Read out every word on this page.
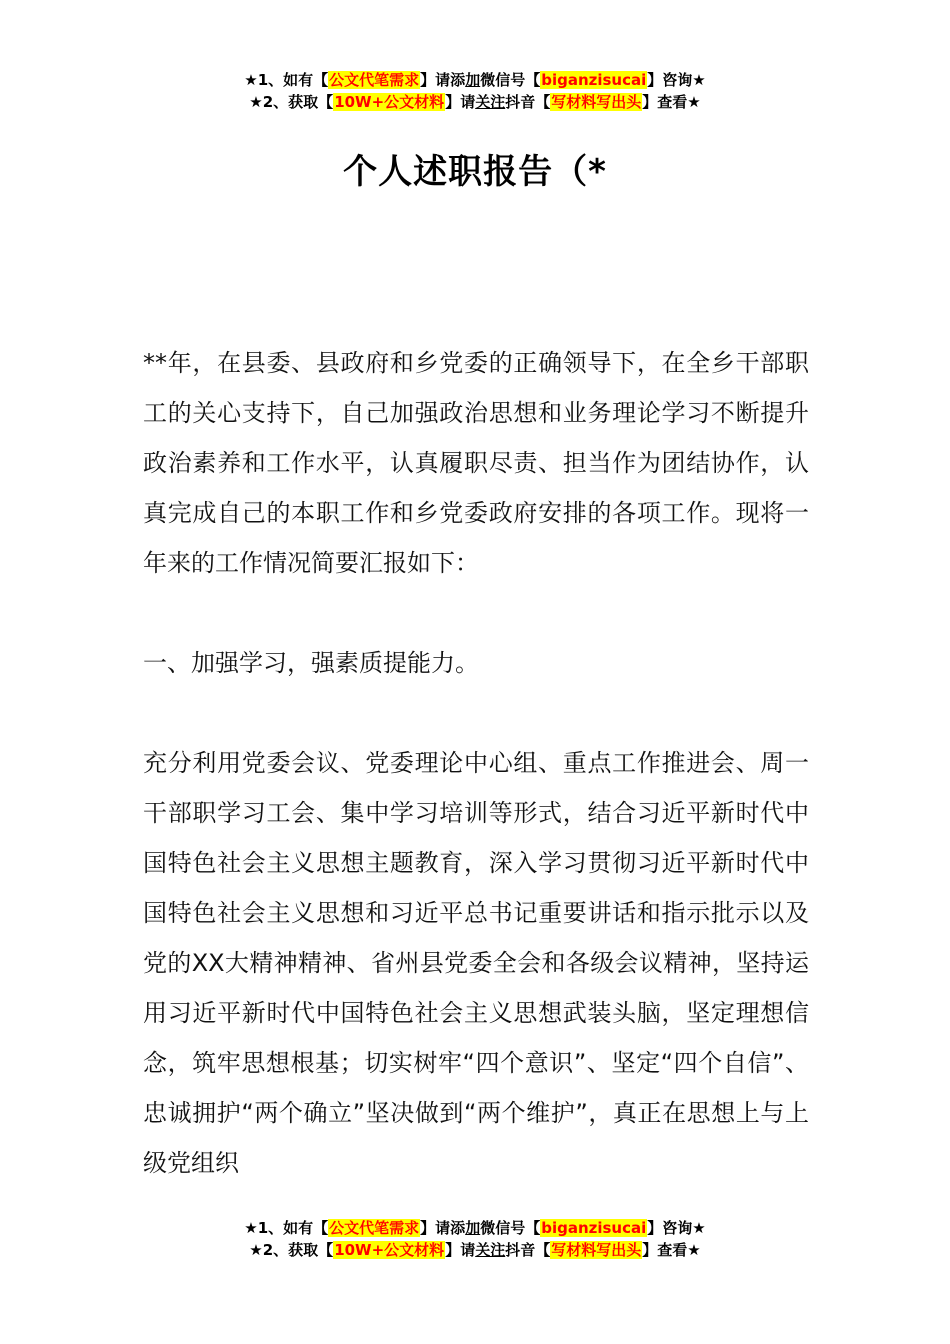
★1、如有【公文代笔需求】请添加微信号【biganzisucai】咨询★
★2、获取【10W+公文材料】请关注抖音【写材料写出头】查看★
个人述职报告（*

**年，在县委、县政府和乡党委的正确领导下，在全乡干部职工的关心支持下，自己加强政治思想和业务理论学习不断提升政治素养和工作水平，认真履职尽责、担当作为团结协作，认真完成自己的本职工作和乡党委政府安排的各项工作。现将一年来的工作情况简要汇报如下：

一、加强学习，强素质提能力。

充分利用党委会议、党委理论中心组、重点工作推进会、周一干部职学习工会、集中学习培训等形式，结合习近平新时代中国特色社会主义思想主题教育，深入学习贯彻习近平新时代中国特色社会主义思想和习近平总书记重要讲话和指示批示以及党的XX大精神精神、省州县党委全会和各级会议精神，坚持运用习近平新时代中国特色社会主义思想武装头脑，坚定理想信念，筑牢思想根基；切实树牢“四个意识”、坚定“四个自信”、忠诚拥护“两个确立”坚决做到“两个维护”，真正在思想上与上级党组织

★1、如有【公文代笔需求】请添加微信号【biganzisucai】咨询★
★2、获取【10W+公文材料】请关注抖音【写材料写出头】查看★
